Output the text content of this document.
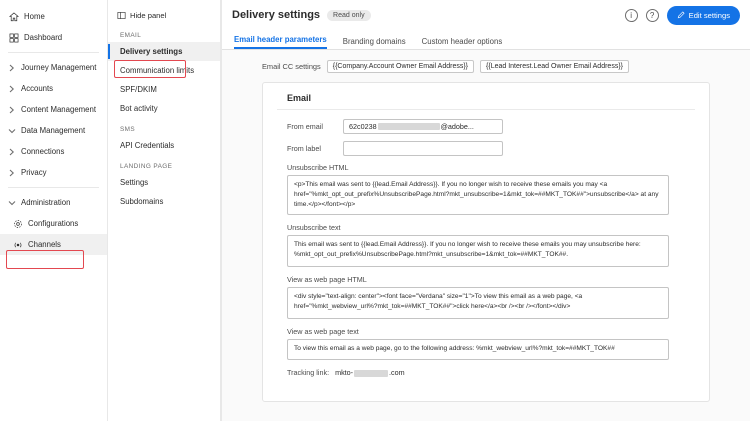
Home
Dashboard
Journey Management
Accounts
Content Management
Data Management
Connections
Privacy
Administration
Configurations
Channels
Hide panel
EMAIL
Delivery settings
Communication limits
SPF/DKIM
Bot activity
SMS
API Credentials
LANDING PAGE
Settings
Subdomains
Delivery settings	Read only	i	?	Edit settings
Email header parameters Branding domains Custom header options
Email CC settings	{{Company.Account Owner Email Address}}	{{Lead Interest.Lead Owner Email Address}}
Email
From email	62c0238	@adobe...
From label
Unsubscribe HTML
<p>This email was sent to {{lead.Email Address}}. If you no longer wish to receive these emails you may <a href="%mkt_opt_out_prefix%UnsubscribePage.html?mkt_unsubscribe=1&mkt_tok=##MKT_TOK##">unsubscribe</a> at any time.</p></font></p>
Unsubscribe text
This email was sent to {{lead.Email Address}}. If you no longer wish to receive these emails you may unsubscribe here: %mkt_opt_out_prefix%UnsubscribePage.html?mkt_unsubscribe=1&mkt_tok=##MKT_TOK##.
View as web page HTML
<div style="text-align: center"><font face="Verdana" size="1">To view this email as a web page, <a href="%mkt_webview_url%?mkt_tok=##MKT_TOK##">click here</a><br /><br /></font></div>
View as web page text
To view this email as a web page, go to the following address: %mkt_webview_url%?mkt_tok=##MKT_TOK##
Tracking link: mkto-	.com
